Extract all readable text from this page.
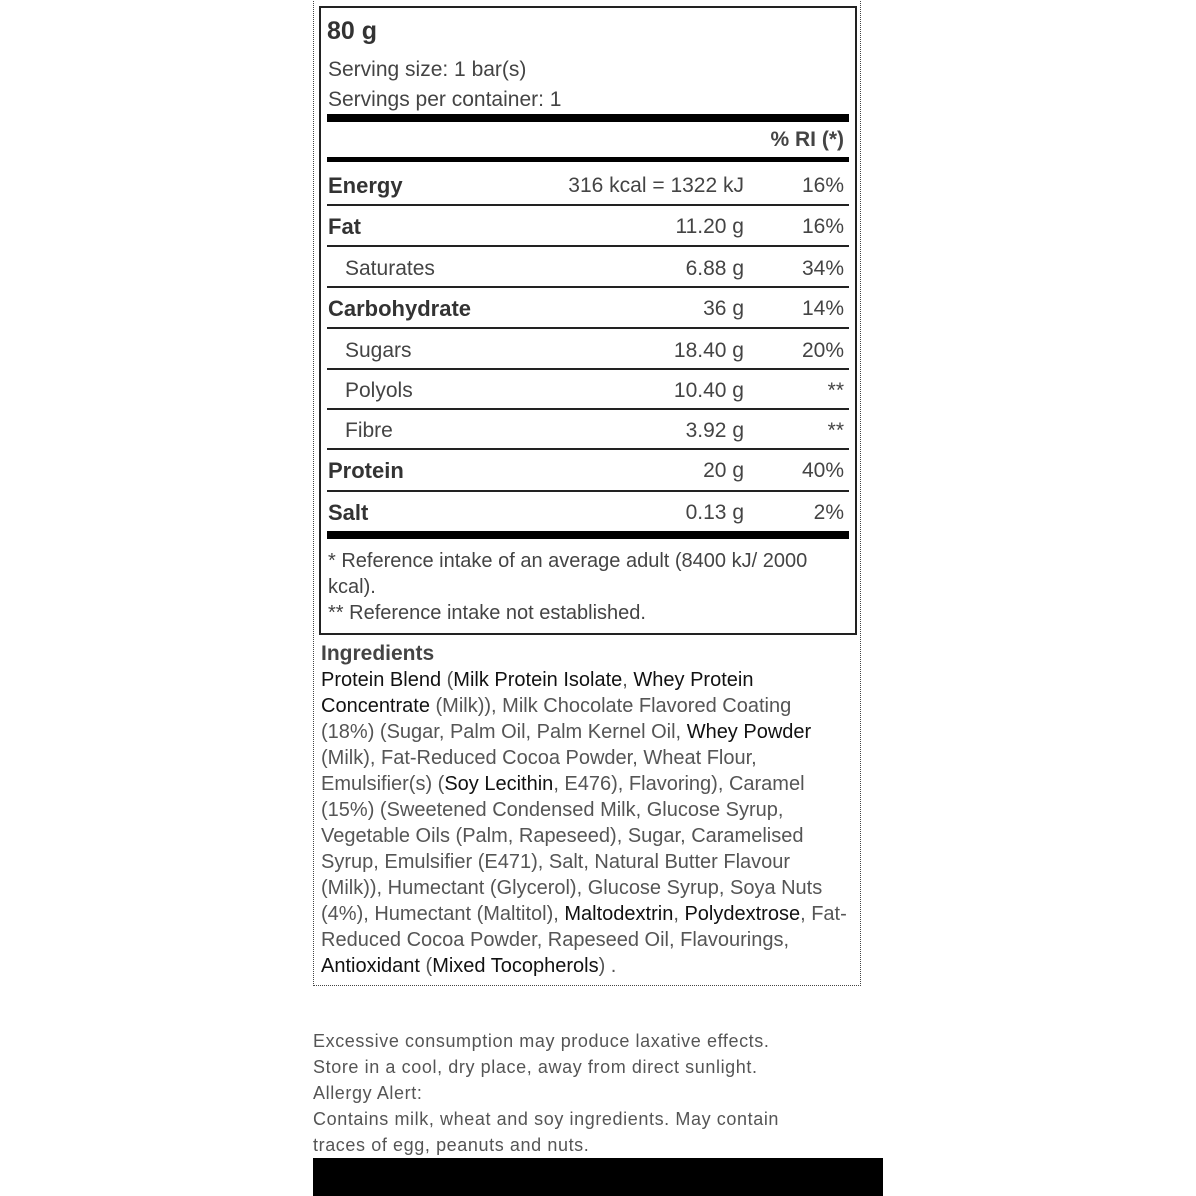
80 g
Serving size: 1 bar(s)
Servings per container: 1
% RI (*)
Energy	316 kcal = 1322 kJ	16%
Fat	11.20 g	16%
Saturates	6.88 g	34%
Carbohydrate	36 g	14%
Sugars	18.40 g	20%
Polyols	10.40 g	**
Fibre	3.92 g	**
Protein	20 g	40%
Salt	0.13 g	2%
* Reference intake of an average adult (8400 kJ/ 2000 kcal).
** Reference intake not established.
Ingredients
Protein Blend (Milk Protein Isolate, Whey Protein Concentrate (Milk)), Milk Chocolate Flavored Coating (18%) (Sugar, Palm Oil, Palm Kernel Oil, Whey Powder (Milk), Fat-Reduced Cocoa Powder, Wheat Flour, Emulsifier(s) (Soy Lecithin, E476), Flavoring), Caramel (15%) (Sweetened Condensed Milk, Glucose Syrup, Vegetable Oils (Palm, Rapeseed), Sugar, Caramelised Syrup, Emulsifier (E471), Salt, Natural Butter Flavour (Milk)), Humectant (Glycerol), Glucose Syrup, Soya Nuts (4%), Humectant (Maltitol), Maltodextrin, Polydextrose, Fat-Reduced Cocoa Powder, Rapeseed Oil, Flavourings, Antioxidant (Mixed Tocopherols) .
Excessive consumption may produce laxative effects.
Store in a cool, dry place, away from direct sunlight.
Allergy Alert:
Contains milk, wheat and soy ingredients. May contain
traces of egg, peanuts and nuts.
